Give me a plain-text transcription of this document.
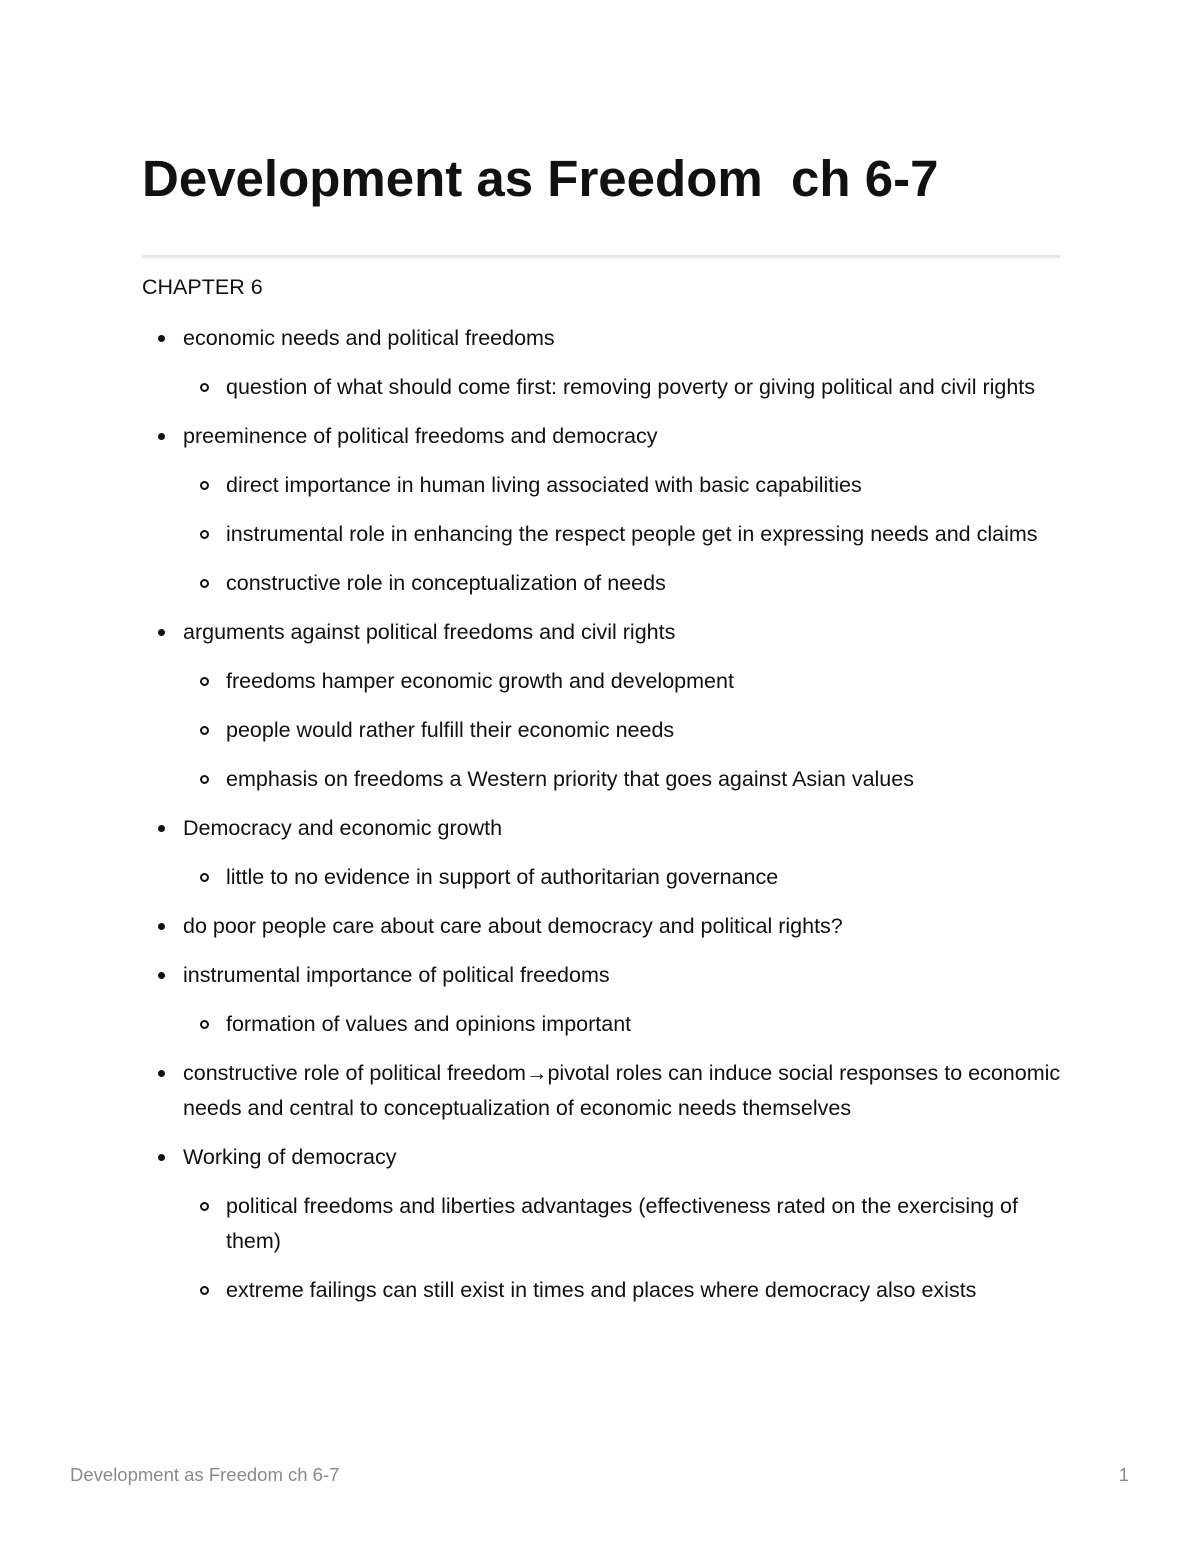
Development as Freedom  ch 6-7

CHAPTER 6

economic needs and political freedoms
question of what should come first: removing poverty or giving political and civil rights
preeminence of political freedoms and democracy
direct importance in human living associated with basic capabilities
instrumental role in enhancing the respect people get in expressing needs and claims
constructive role in conceptualization of needs
arguments against political freedoms and civil rights
freedoms hamper economic growth and development
people would rather fulfill their economic needs
emphasis on freedoms a Western priority that goes against Asian values
Democracy and economic growth
little to no evidence in support of authoritarian governance
do poor people care about care about democracy and political rights?
instrumental importance of political freedoms
formation of values and opinions important
constructive role of political freedom→pivotal roles can induce social responses to economic needs and central to conceptualization of economic needs themselves
Working of democracy
political freedoms and liberties advantages (effectiveness rated on the exercising of them)
extreme failings can still exist in times and places where democracy also exists

Development as Freedom ch 6-7	1
